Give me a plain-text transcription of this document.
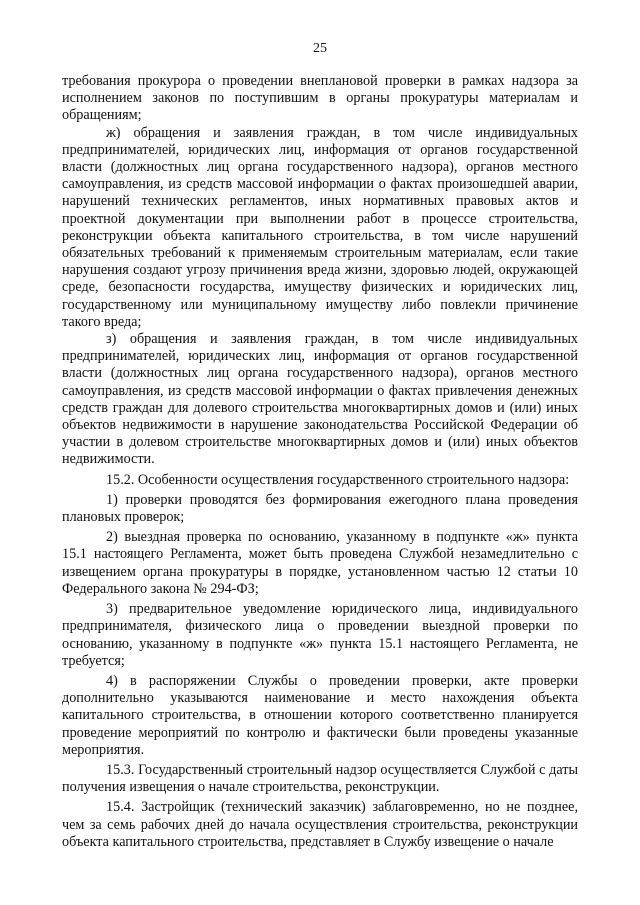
25

требования прокурора о проведении внеплановой проверки в рамках надзора за исполнением законов по поступившим в органы прокуратуры материалам и обращениям;

ж) обращения и заявления граждан, в том числе индивидуальных предпринимателей, юридических лиц, информация от органов государственной власти (должностных лиц органа государственного надзора), органов местного самоуправления, из средств массовой информации о фактах произошедшей аварии, нарушений технических регламентов, иных нормативных правовых актов и проектной документации при выполнении работ в процессе строительства, реконструкции объекта капитального строительства, в том числе нарушений обязательных требований к применяемым строительным материалам, если такие нарушения создают угрозу причинения вреда жизни, здоровью людей, окружающей среде, безопасности государства, имуществу физических и юридических лиц, государственному или муниципальному имуществу либо повлекли причинение такого вреда;

з) обращения и заявления граждан, в том числе индивидуальных предпринимателей, юридических лиц, информация от органов государственной власти (должностных лиц органа государственного надзора), органов местного самоуправления, из средств массовой информации о фактах привлечения денежных средств граждан для долевого строительства многоквартирных домов и (или) иных объектов недвижимости в нарушение законодательства Российской Федерации об участии в долевом строительстве многоквартирных домов и (или) иных объектов недвижимости.

15.2. Особенности осуществления государственного строительного надзора:

1) проверки проводятся без формирования ежегодного плана проведения плановых проверок;

2) выездная проверка по основанию, указанному в подпункте «ж» пункта 15.1 настоящего Регламента, может быть проведена Службой незамедлительно с извещением органа прокуратуры в порядке, установленном частью 12 статьи 10 Федерального закона № 294-ФЗ;

3) предварительное уведомление юридического лица, индивидуального предпринимателя, физического лица о проведении выездной проверки по основанию, указанному в подпункте «ж» пункта 15.1 настоящего Регламента, не требуется;

4) в распоряжении Службы о проведении проверки, акте проверки дополнительно указываются наименование и место нахождения объекта капитального строительства, в отношении которого соответственно планируется проведение мероприятий по контролю и фактически были проведены указанные мероприятия.

15.3. Государственный строительный надзор осуществляется Службой с даты получения извещения о начале строительства, реконструкции.

15.4. Застройщик (технический заказчик) заблаговременно, но не позднее, чем за семь рабочих дней до начала осуществления строительства, реконструкции объекта капитального строительства, представляет в Службу извещение о начале
